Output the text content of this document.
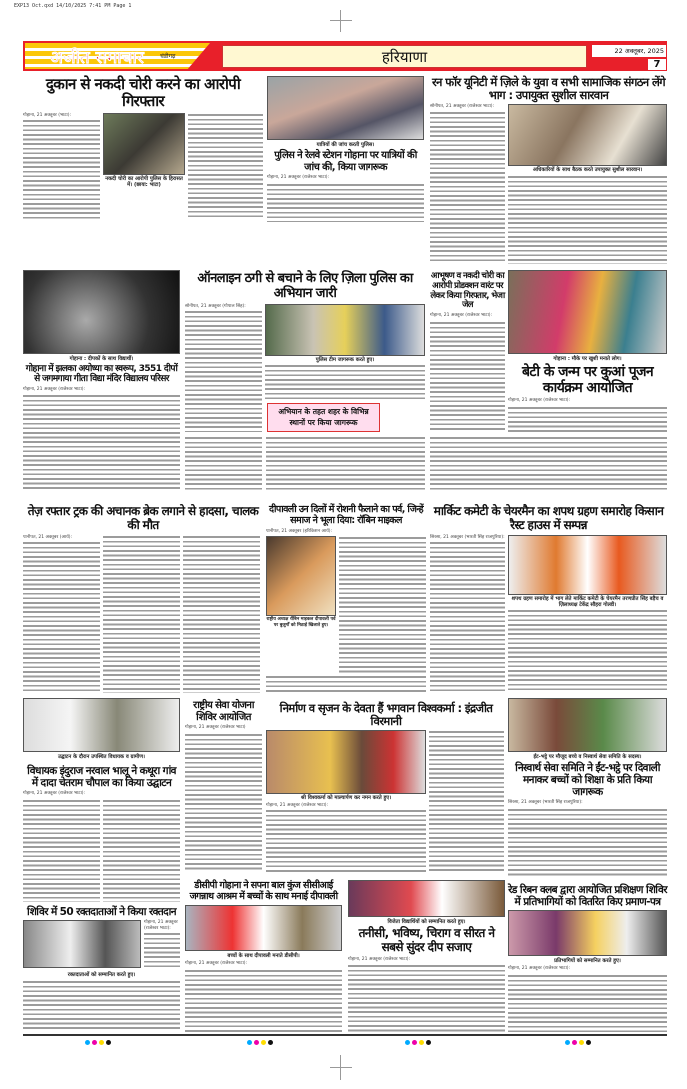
EXP13 Oct.qxd 14/10/2025 7:41 PM Page 1
अजीत समाचार	चंडीगढ़	हरियाणा	22 अक्तूबर, 2025
7
दुकान से नकदी चोरी करने का आरोपी गिरफ्तार
गोहाना, 21 अक्तूबर (भाटा):
नकदी चोरी का आरोपी पुलिस के हिरासत में। (छाया: भाटा)
यात्रियों की जांच करती पुलिस।
पुलिस ने रेलवे स्टेशन गोहाना पर यात्रियों की जांच की, किया जागरूक
गोहाना, 21 अक्तूबर (राजेश्वर भाटा):
रन फॉर यूनिटी में ज़िले के युवा व सभी सामाजिक संगठन लेंगे भाग : उपायुक्त सुशील सारवान
सोनीपत, 21 अक्तूबर (राजेश्वर भाटा):
अधिकारियों के साथ बैठक करते उपायुक्त सुशील सारवान।
गोहाना : दीपकों के साथ विद्यार्थी।
ऑनलाइन ठगी से बचाने के लिए ज़िला पुलिस का अभियान जारी
सोनीपत, 21 अक्तूबर (गोपाल सिंह):
पुलिस टीम जागरूक करते हुए।
अभियान के तहत शहर के विभिन्न स्थानों पर किया जागरूक
आभूषण व नकदी चोरी का आरोपी प्रोडक्शन वारंट पर लेकर किया गिरफ्तार, भेजा जेल
गोहाना, 21 अक्तूबर (राजेश्वर भाटा):
गोहाना : मौके पर खुशी मनाते लोग।
बेटी के जन्म पर कुआं पूजन कार्यक्रम आयोजित
गोहाना, 21 अक्तूबर (राजेश्वर भाटा):
गोहाना में झलका अयोध्या का स्वरूप, 3551 दीपों से जगमगाया गीता विद्या मंदिर विद्यालय परिसर
गोहाना, 21 अक्तूबर (राजेश्वर भाटा):
तेज़ रफ्तार ट्रक की अचानक ब्रेक लगाने से हादसा, चालक की मौत
पानीपत, 21 अक्तूबर (आर्य):
दीपावली उन दिलों में रोशनी फैलाने का पर्व, जिन्हें समाज ने भूला दिया: रॉबिन माइकल
पानीपत, 21 अक्तूबर (हरिकिशन आर्य):
राष्ट्रीय अध्यक्ष रॉबिन माइकल दीपावली पर्व पर बुजुर्गों को मिठाई खिलाते हुए।
मार्किट कमेटी के चेयरमैन का शपथ ग्रहण समारोह किसान रैस्ट हाउस में सम्पन्न
सिरसा, 21 अक्तूबर (भारती सिंह राजपुरिया):
शपथ ग्रहण समारोह में भाग लेते मार्किट कमेटी के चेयरमैन तरणप्रीत सिंह बड़ैच व ज़िलाध्यक्ष टेकेंद्र सौहरा गोल्डी।
उद्घाटन के दौरान उपस्थित विधायक व ग्रामीण।
राष्ट्रीय सेवा योजना शिविर आयोजित
गोहाना, 21 अक्तूबर (राजेश्वर भाटा)
निर्माण व सृजन के देवता हैं भगवान विश्वकर्मा : इंद्रजीत विरमानी
श्री विश्वकर्मा को माल्यार्पण कर नमन करते हुए।
गोहाना, 21 अक्तूबर (राजेश्वर भाटा):
ईंट-भट्ठे पर मौजूद बच्चे व निस्वार्थ सेवा समिति के सदस्य।
निस्वार्थ सेवा समिति ने ईंट-भट्ठे पर दिवाली मनाकर बच्चों को शिक्षा के प्रति किया जागरूक
सिरसा, 21 अक्तूबर (भारती सिंह राजपुरिया):
विधायक इंदुराज नरवाल भालू ने कथूरा गांव में दादा चेतराम चौपाल का किया उद्घाटन
गोहाना, 21 अक्तूबर (राजेश्वर भाटा):
शिविर में 50 रक्तदाताओं ने किया रक्तदान
गोहाना, 21 अक्तूबर (राजेश्वर भाटा):
रक्तदाताओं को सम्मानित करते हुए।
डीसीपी गोहाना ने सपना बाल कुंज सीसीआई जगन्नाथ आश्रम में बच्चों के साथ मनाई दीपावली
बच्चों के साथ दीपावली मनाते डीसीपी।
गोहाना, 21 अक्तूबर (राजेश्वर भाटा):
विजेता विद्यार्थियों को सम्मानित करते हुए।
तनीसी, भविष्य, चिराग व सीरत ने सबसे सुंदर दीप सजाए
गोहाना, 21 अक्तूबर (राजेश्वर भाटा):
रेड रिबन क्लब द्वारा आयोजित प्रशिक्षण शिविर में प्रतिभागियों को वितरित किए प्रमाण-पत्र
प्रतिभागियों को सम्मानित करते हुए।
गोहाना, 21 अक्तूबर (राजेश्वर भाटा):
